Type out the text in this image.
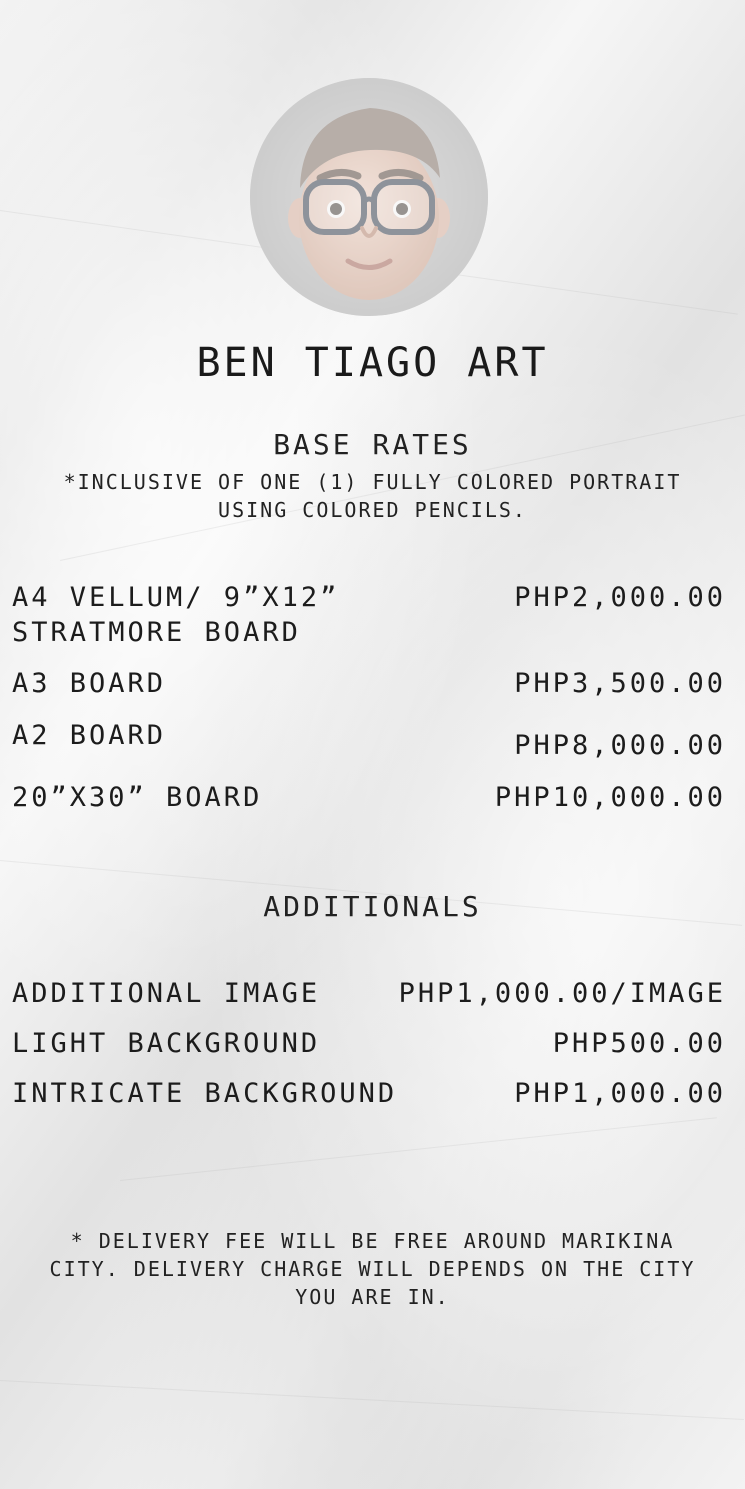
BEN TIAGO ART
BASE RATES
*INCLUSIVE OF ONE (1) FULLY COLORED PORTRAIT
USING COLORED PENCILS.
A4 VELLUM/ 9”X12”
STRATMORE BOARD
PHP2,000.00
A3 BOARD	PHP3,500.00
A2 BOARD	PHP8,000.00
20”X30” BOARD	PHP10,000.00
ADDITIONALS
ADDITIONAL IMAGE	PHP1,000.00/IMAGE
LIGHT BACKGROUND	PHP500.00
INTRICATE BACKGROUND	PHP1,000.00
* DELIVERY FEE WILL BE FREE AROUND MARIKINA
CITY. DELIVERY CHARGE WILL DEPENDS ON THE CITY
YOU ARE IN.
